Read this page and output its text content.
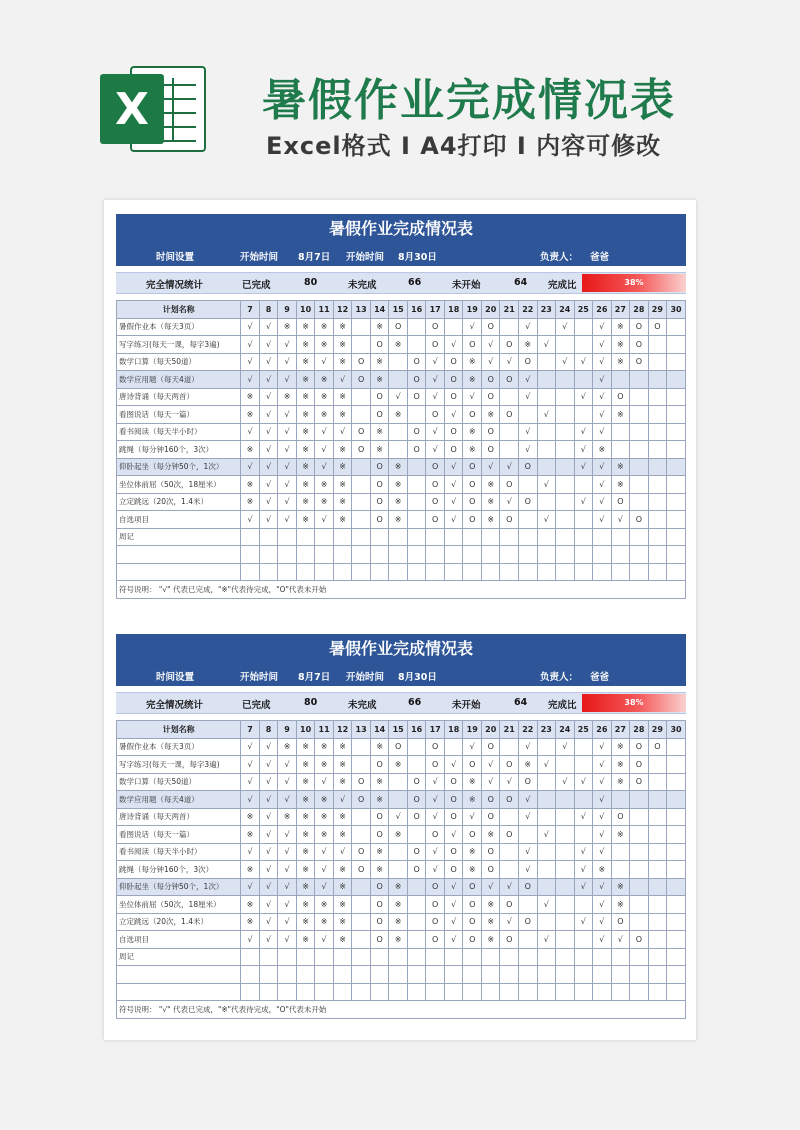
X	暑假作业完成情况表
Excel格式 I A4打印 I 内容可修改
暑假作业完成情况表
时间设置	开始时间 8月7日 开始时间 8月30日	负责人： 爸爸
完全情况统计	已完成	80	未完成	66	未开始	64 完成比	38%
计划名称	7	8	9	10	11	12	13	14	15	16	17	18	19	20	21	22	23	24	25	26	27	28	29	30
暑假作业本（每天3页）	√	√	※	※	※	※		※	O		O		√	O		√		√		√	※	O	O	
写字练习(每天一课，每字3遍)	√	√	√	※	※	※		O	※		O	√	O	√	O	※	√			√	※	O		
数学口算（每天50道）	√	√	√	※	√	※	O	※		O	√	O	※	√	√	O		√	√	√	※	O		
数学应用题（每天4道）	√	√	√	※	※	√	O	※		O	√	O	※	O	O	√				√				
唐诗背诵（每天两首）	※	√	※	※	※	※		O	√	O	√	O	√	O		√			√	√	O			
看图说话（每天一篇）	※	√	√	※	※	※		O	※		O	√	O	※	O		√			√	※			
看书阅读（每天半小时）	√	√	√	※	√	√	O	※		O	√	O	※	O		√			√	√				
跳绳（每分钟160个，3次）	※	√	√	※	√	※	O	※		O	√	O	※	O		√			√	※				
仰卧起坐（每分钟50个，1次）	√	√	√	※	√	※		O	※		O	√	O	√	√	O			√	√	※			
坐位体前屈（50次，18厘米）	※	√	√	※	※	※		O	※		O	√	O	※	O		√			√	※			
立定跳远（20次，1.4米）	※	√	√	※	※	※		O	※		O	√	O	※	√	O			√	√	O			
自选项目	√	√	√	※	√	※		O	※		O	√	O	※	O		√			√	√	O		
周记																								

符号说明： "√" 代表已完成，"※"代表待完成，"O"代表未开始																								
暑假作业完成情况表
时间设置	开始时间 8月7日 开始时间 8月30日	负责人： 爸爸
完全情况统计	已完成	80	未完成	66	未开始	64 完成比	38%
计划名称	7	8	9	10	11	12	13	14	15	16	17	18	19	20	21	22	23	24	25	26	27	28	29	30
暑假作业本（每天3页）	√	√	※	※	※	※		※	O		O		√	O		√		√		√	※	O	O	
写字练习(每天一课，每字3遍)	√	√	√	※	※	※		O	※		O	√	O	√	O	※	√			√	※	O		
数学口算（每天50道）	√	√	√	※	√	※	O	※		O	√	O	※	√	√	O		√	√	√	※	O		
数学应用题（每天4道）	√	√	√	※	※	√	O	※		O	√	O	※	O	O	√				√				
唐诗背诵（每天两首）	※	√	※	※	※	※		O	√	O	√	O	√	O		√			√	√	O			
看图说话（每天一篇）	※	√	√	※	※	※		O	※		O	√	O	※	O		√			√	※			
看书阅读（每天半小时）	√	√	√	※	√	√	O	※		O	√	O	※	O		√			√	√				
跳绳（每分钟160个，3次）	※	√	√	※	√	※	O	※		O	√	O	※	O		√			√	※				
仰卧起坐（每分钟50个，1次）	√	√	√	※	√	※		O	※		O	√	O	√	√	O			√	√	※			
坐位体前屈（50次，18厘米）	※	√	√	※	※	※		O	※		O	√	O	※	O		√			√	※			
立定跳远（20次，1.4米）	※	√	√	※	※	※		O	※		O	√	O	※	√	O			√	√	O			
自选项目	√	√	√	※	√	※		O	※		O	√	O	※	O		√			√	√	O		
周记																								

符号说明： "√" 代表已完成，"※"代表待完成，"O"代表未开始																								
